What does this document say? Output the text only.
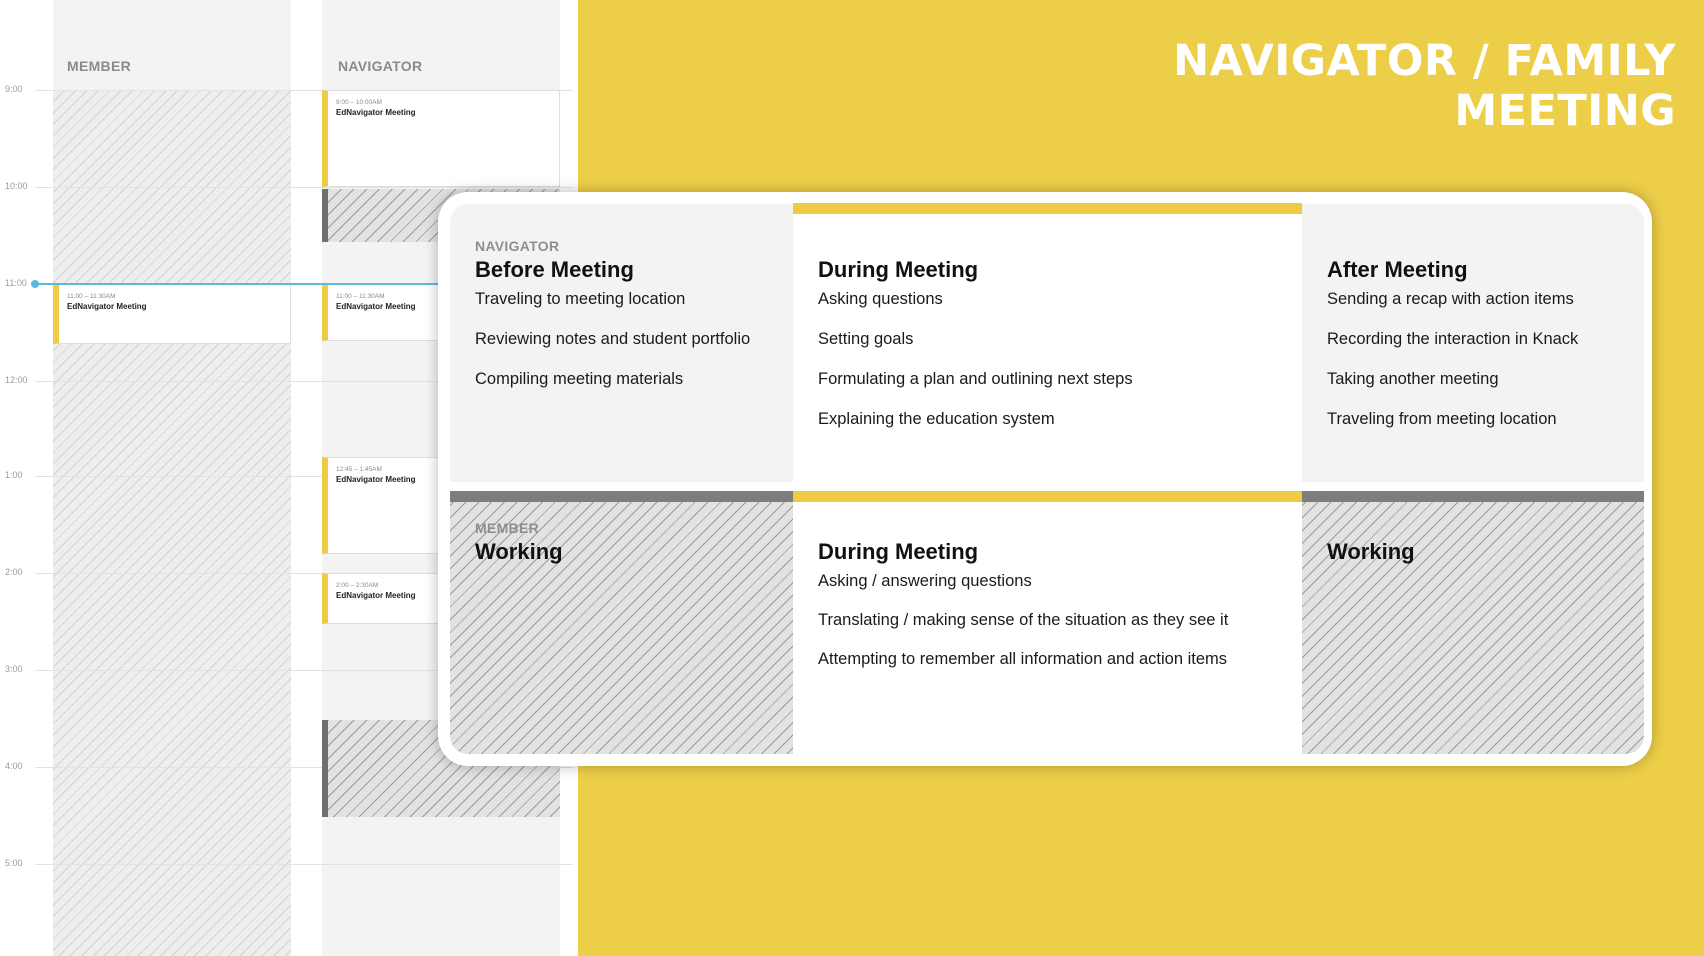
NAVIGATOR / FAMILY MEETING
MEMBER	NAVIGATOR
9:00
10:00
11:00
12:00
1:00
2:00
3:00
4:00
5:00
11:00 – 11:30AM
EdNavigator Meeting
9:00 – 10:00AM
EdNavigator Meeting
11:00 – 11:30AM
EdNavigator Meeting
12:45 – 1:45AM
EdNavigator Meeting
2:00 – 2:30AM
EdNavigator Meeting
NAVIGATOR
Before Meeting
Traveling to meeting location
Reviewing notes and student portfolio
Compiling meeting materials
During Meeting
Asking questions
Setting goals
Formulating a plan and outlining next steps
Explaining the education system
After Meeting
Sending a recap with action items
Recording the interaction in Knack
Taking another meeting
Traveling from meeting location
MEMBER
Working	During Meeting
Asking / answering questions
Translating / making sense of the situation as they see it
Attempting to remember all information and action items
Working
